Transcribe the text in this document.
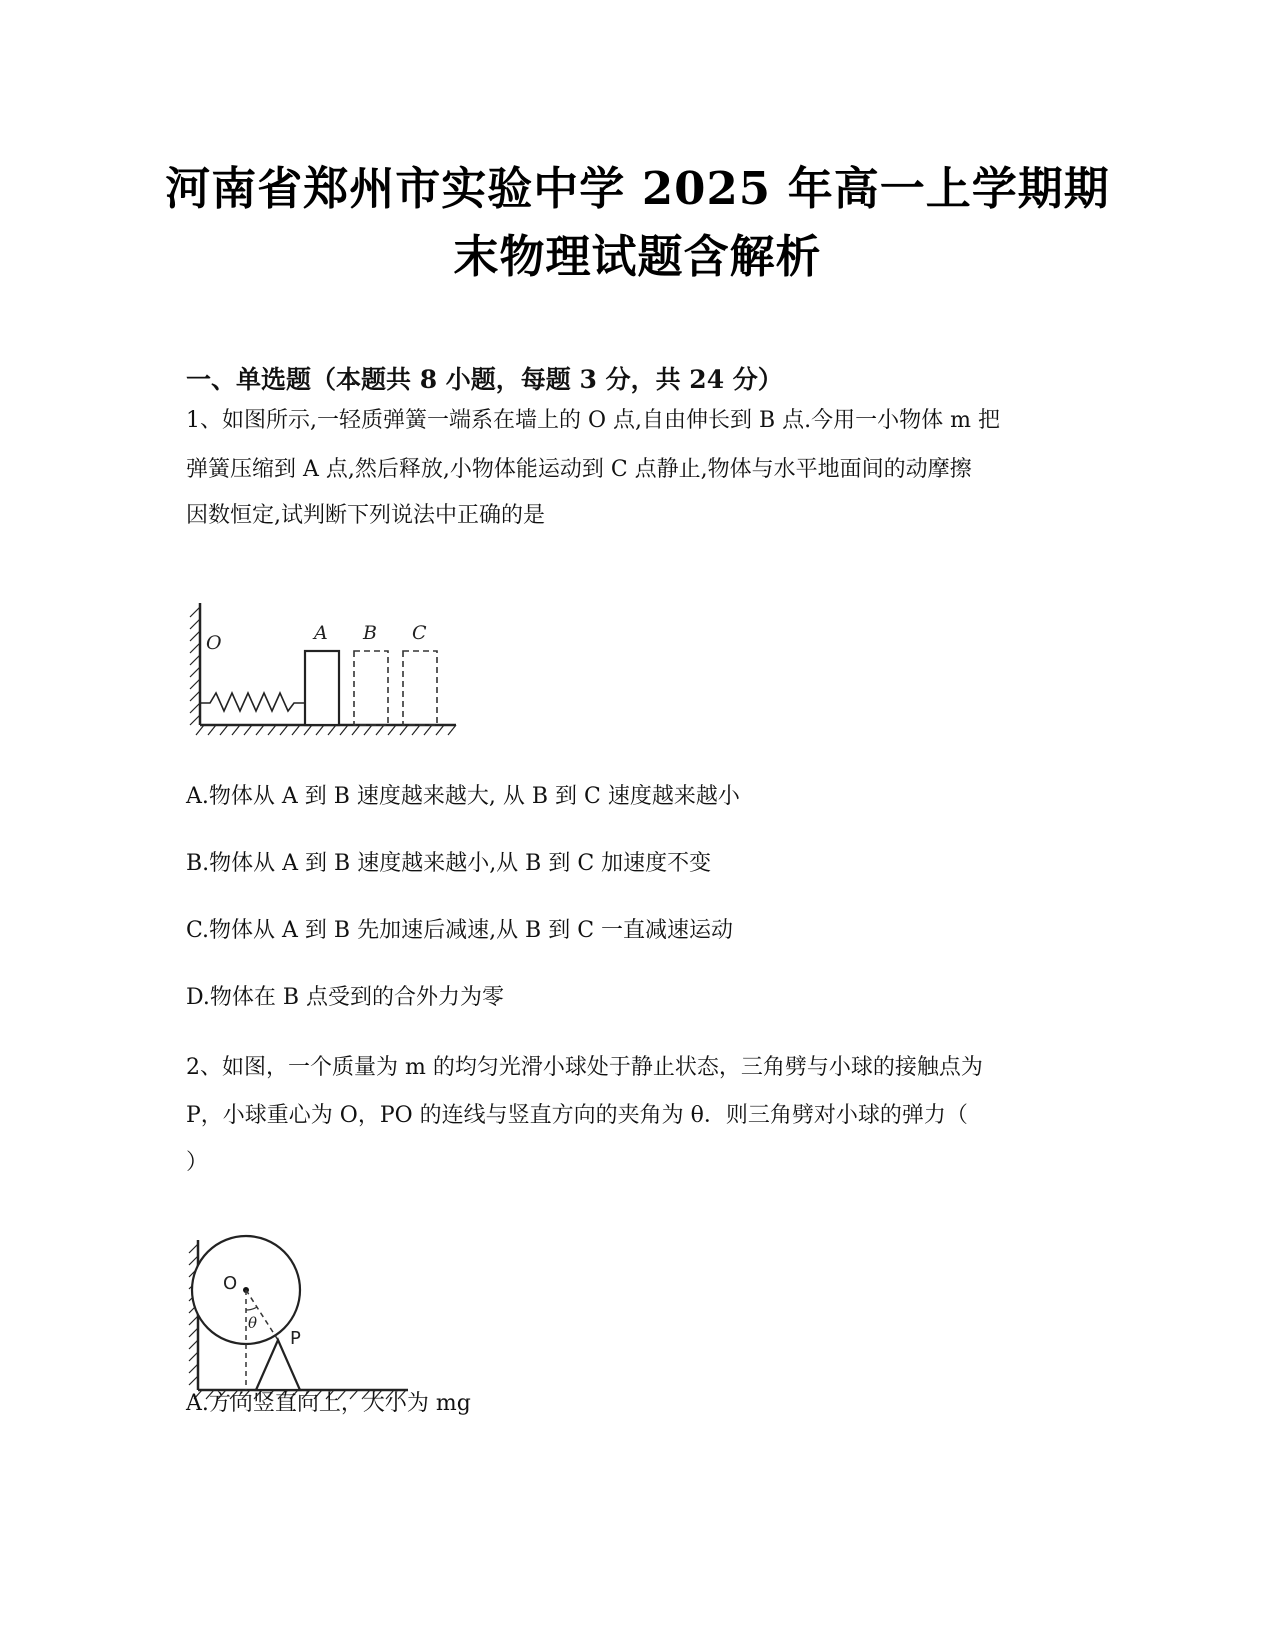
河南省郑州市实验中学 2025 年高一上学期期
末物理试题含解析
一、单选题（本题共 8 小题，每题 3 分，共 24 分）
1、如图所示,一轻质弹簧一端系在墙上的 O 点,自由伸长到 B 点.今用一小物体 m 把
弹簧压缩到 A 点,然后释放,小物体能运动到 C 点静止,物体与水平地面间的动摩擦
因数恒定,试判断下列说法中正确的是
O	A B C
A.物体从 A 到 B 速度越来越大, 从 B 到 C 速度越来越小
B.物体从 A 到 B 速度越来越小,从 B 到 C 加速度不变
C.物体从 A 到 B 先加速后减速,从 B 到 C 一直减速运动
D.物体在 B 点受到的合外力为零
2、如图，一个质量为 m 的均匀光滑小球处于静止状态，三角劈与小球的接触点为
P，小球重心为 O，PO 的连线与竖直方向的夹角为 θ．则三角劈对小球的弹力（
）
O
θ
P
A.方向竖直向上，大小为 mg
